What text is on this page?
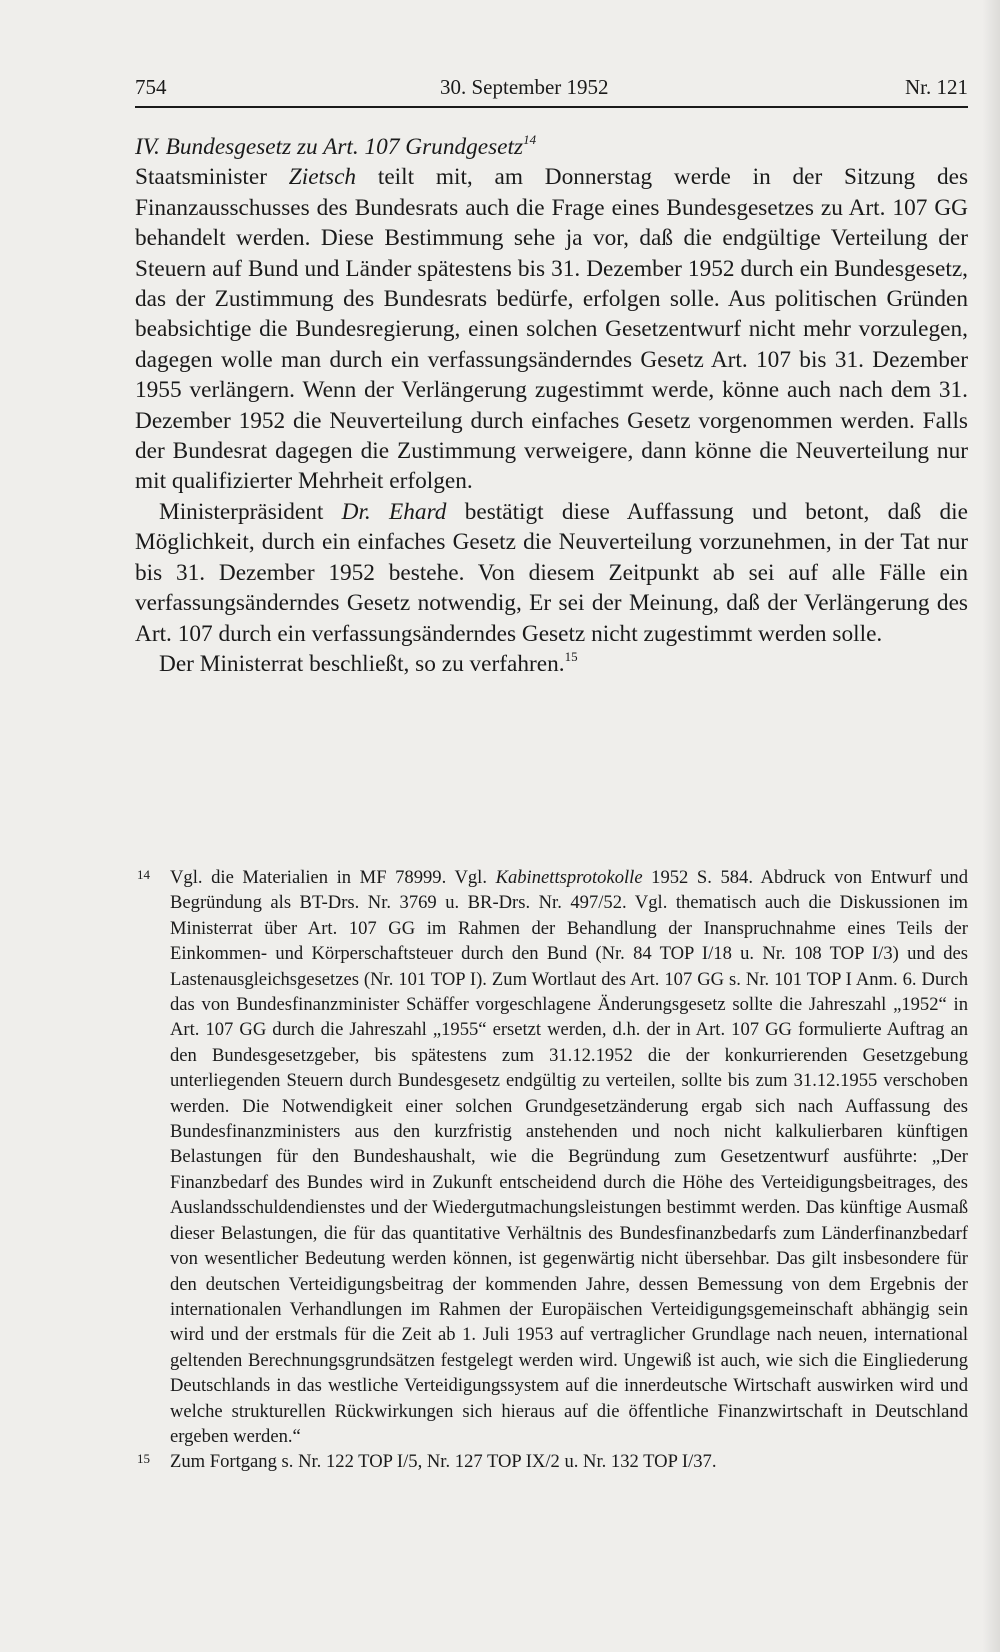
754	30. September 1952	Nr. 121

IV. Bundesgesetz zu Art. 107 Grundgesetz$^{14}$

Staatsminister Zietsch teilt mit, am Donnerstag werde in der Sitzung des Finanzausschusses des Bundesrats auch die Frage eines Bundesgesetzes zu Art. 107 GG behandelt werden. Diese Bestimmung sehe ja vor, daß die endgültige Verteilung der Steuern auf Bund und Länder spätestens bis 31. Dezember 1952 durch ein Bundesgesetz, das der Zustimmung des Bundesrats bedürfe, erfolgen solle. Aus politischen Gründen beabsichtige die Bundesregierung, einen solchen Gesetzentwurf nicht mehr vorzulegen, dagegen wolle man durch ein verfassungsänderndes Gesetz Art. 107 bis 31. Dezember 1955 verlängern. Wenn der Verlängerung zugestimmt werde, könne auch nach dem 31. Dezember 1952 die Neuverteilung durch einfaches Gesetz vorgenommen werden. Falls der Bundesrat dagegen die Zustimmung verweigere, dann könne die Neuverteilung nur mit qualifizierter Mehrheit erfolgen.

Ministerpräsident Dr. Ehard bestätigt diese Auffassung und betont, daß die Möglichkeit, durch ein einfaches Gesetz die Neuverteilung vorzunehmen, in der Tat nur bis 31. Dezember 1952 bestehe. Von diesem Zeitpunkt ab sei auf alle Fälle ein verfassungsänderndes Gesetz notwendig, Er sei der Meinung, daß der Verlängerung des Art. 107 durch ein verfassungsänderndes Gesetz nicht zugestimmt werden solle.

Der Ministerrat beschließt, so zu verfahren.$^{15}$

14 Vgl. die Materialien in MF 78999. Vgl. Kabinettsprotokolle 1952 S. 584. Abdruck von Entwurf und Begründung als BT-Drs. Nr. 3769 u. BR-Drs. Nr. 497/52. Vgl. thematisch auch die Diskussionen im Ministerrat über Art. 107 GG im Rahmen der Behandlung der Inanspruchnahme eines Teils der Einkommen- und Körperschaftsteuer durch den Bund (Nr. 84 TOP I/18 u. Nr. 108 TOP I/3) und des Lastenausgleichsgesetzes (Nr. 101 TOP I). Zum Wortlaut des Art. 107 GG s. Nr. 101 TOP I Anm. 6. Durch das von Bundesfinanzminister Schäffer vorgeschlagene Änderungsgesetz sollte die Jahreszahl „1952“ in Art. 107 GG durch die Jahreszahl „1955“ ersetzt werden, d.h. der in Art. 107 GG formulierte Auftrag an den Bundesgesetzgeber, bis spätestens zum 31.12.1952 die der konkurrierenden Gesetzgebung unterliegenden Steuern durch Bundesgesetz endgültig zu verteilen, sollte bis zum 31.12.1955 verschoben werden. Die Notwendigkeit einer solchen Grundgesetzänderung ergab sich nach Auffassung des Bundesfinanzministers aus den kurzfristig anstehenden und noch nicht kalkulierbaren künftigen Belastungen für den Bundeshaushalt, wie die Begründung zum Gesetzentwurf ausführte: „Der Finanzbedarf des Bundes wird in Zukunft entscheidend durch die Höhe des Verteidigungsbeitrages, des Auslandsschuldendienstes und der Wiedergutmachungsleistungen bestimmt werden. Das künftige Ausmaß dieser Belastungen, die für das quantitative Verhältnis des Bundesfinanzbedarfs zum Länderfinanzbedarf von wesentlicher Bedeutung werden können, ist gegenwärtig nicht übersehbar. Das gilt insbesondere für den deutschen Verteidigungsbeitrag der kommenden Jahre, dessen Bemessung von dem Ergebnis der internationalen Verhandlungen im Rahmen der Europäischen Verteidigungsgemeinschaft abhängig sein wird und der erstmals für die Zeit ab 1. Juli 1953 auf vertraglicher Grundlage nach neuen, international geltenden Berechnungsgrundsätzen festgelegt werden wird. Ungewiß ist auch, wie sich die Eingliederung Deutschlands in das westliche Verteidigungssystem auf die innerdeutsche Wirtschaft auswirken wird und welche strukturellen Rückwirkungen sich hieraus auf die öffentliche Finanzwirtschaft in Deutschland ergeben werden.“

15 Zum Fortgang s. Nr. 122 TOP I/5, Nr. 127 TOP IX/2 u. Nr. 132 TOP I/37.
